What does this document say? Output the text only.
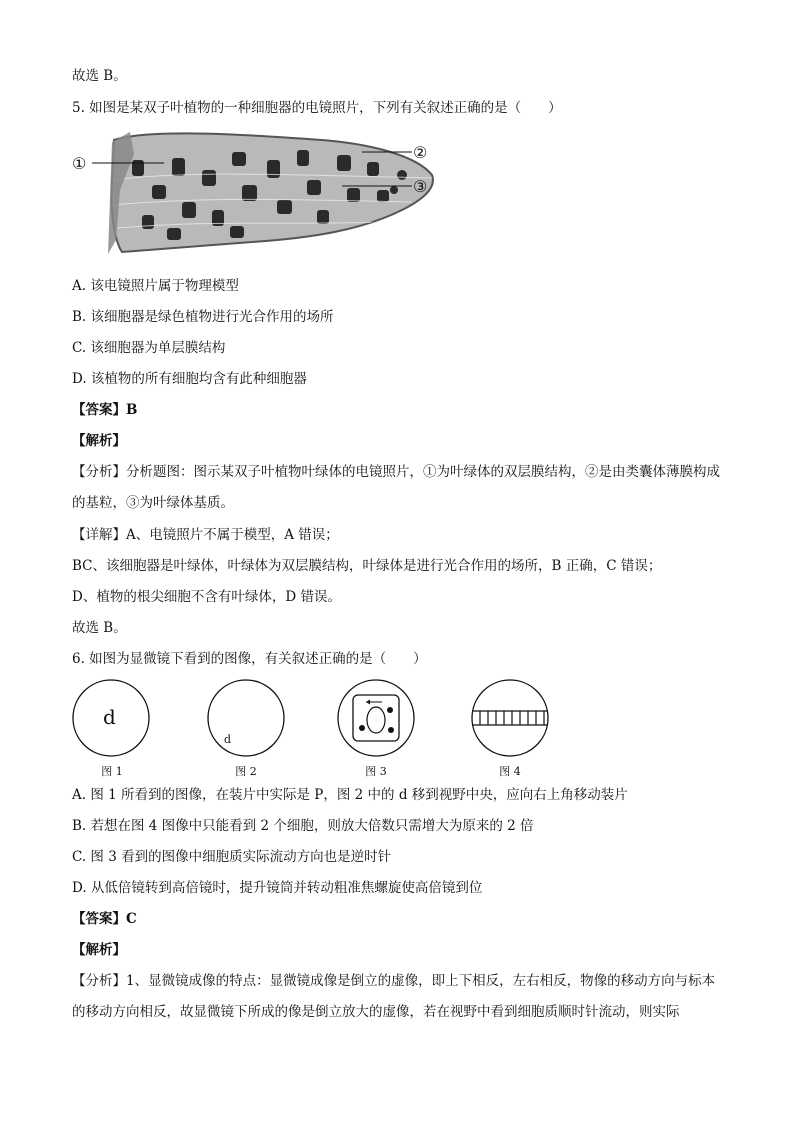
故选 B。
5. 如图是某双子叶植物的一种细胞器的电镜照片，下列有关叙述正确的是（　　）
①
②
③
A. 该电镜照片属于物理模型
B. 该细胞器是绿色植物进行光合作用的场所
C. 该细胞器为单层膜结构
D. 该植物的所有细胞均含有此种细胞器
【答案】B
【解析】
【分析】分析题图：图示某双子叶植物叶绿体的电镜照片，①为叶绿体的双层膜结构，②是由类囊体薄膜构成的基粒，③为叶绿体基质。
【详解】A、电镜照片不属于模型，A 错误；
BC、该细胞器是叶绿体，叶绿体为双层膜结构，叶绿体是进行光合作用的场所，B 正确，C 错误；
D、植物的根尖细胞不含有叶绿体，D 错误。
故选 B。
6. 如图为显微镜下看到的图像，有关叙述正确的是（　　）
d
d
图 1	图 2	图 3	图 4
A. 图 1 所看到的图像，在装片中实际是 P，图 2 中的 d 移到视野中央，应向右上角移动装片
B. 若想在图 4 图像中只能看到 2 个细胞，则放大倍数只需增大为原来的 2 倍
C. 图 3 看到的图像中细胞质实际流动方向也是逆时针
D. 从低倍镜转到高倍镜时，提升镜筒并转动粗准焦螺旋使高倍镜到位
【答案】C
【解析】
【分析】1、显微镜成像的特点：显微镜成像是倒立的虚像，即上下相反，左右相反，物像的移动方向与标本的移动方向相反，故显微镜下所成的像是倒立放大的虚像，若在视野中看到细胞质顺时针流动，则实际
